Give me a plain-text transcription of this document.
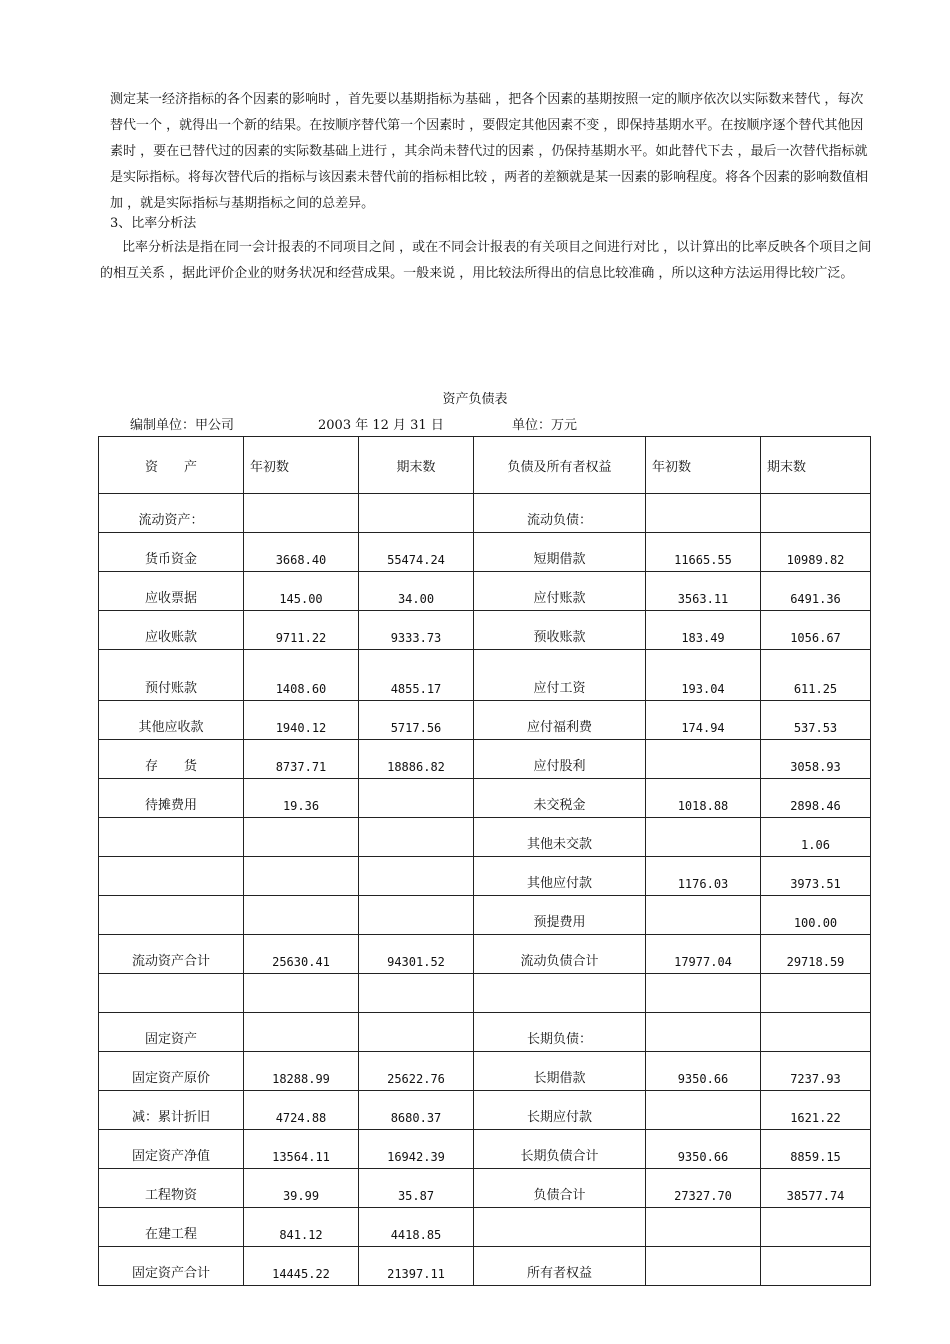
测定某一经济指标的各个因素的影响时 ，首先要以基期指标为基础 ，把各个因素的基期按照一定的顺序依次以实际数来替代 ，每次替代一个 ，就得出一个新的结果。在按顺序替代第一个因素时 ，要假定其他因素不变 ，即保持基期水平。在按顺序逐个替代其他因素时 ，要在已替代过的因素的实际数基础上进行 ，其余尚未替代过的因素 ，仍保持基期水平。如此替代下去 ，最后一次替代指标就是实际指标。将每次替代后的指标与该因素未替代前的指标相比较 ，两者的差额就是某一因素的影响程度。将各个因素的影响数值相加 ，就是实际指标与基期指标之间的总差异。

3、比率分析法

比率分析法是指在同一会计报表的不同项目之间 ，或在不同会计报表的有关项目之间进行对比 ，以计算出的比率反映各个项目之间的相互关系 ，据此评价企业的财务状况和经营成果。一般来说 ，用比较法所得出的信息比较准确 ，所以这种方法运用得比较广泛。

资产负债表
编制单位：甲公司	2003 年 12 月 31 日	单位：万元
资　　产	年初数	期末数	负债及所有者权益	年初数	期末数
流动资产：			流动负债：		
货币资金	3668.40	55474.24	短期借款	11665.55	10989.82
应收票据	145.00	34.00	应付账款	3563.11	6491.36
应收账款	9711.22	9333.73	预收账款	183.49	1056.67
预付账款	1408.60	4855.17	应付工资	193.04	611.25
其他应收款	1940.12	5717.56	应付福利费	174.94	537.53
存　　货	8737.71	18886.82	应付股利		3058.93
待摊费用	19.36		未交税金	1018.88	2898.46
			其他未交款		1.06
			其他应付款	1176.03	3973.51
			预提费用		100.00
流动资产合计	25630.41	94301.52	流动负债合计	17977.04	29718.59

固定资产			长期负债：		
固定资产原价	18288.99	25622.76	长期借款	9350.66	7237.93
减：累计折旧	4724.88	8680.37	长期应付款		1621.22
固定资产净值	13564.11	16942.39	长期负债合计	9350.66	8859.15
工程物资	39.99	35.87	负债合计	27327.70	38577.74
在建工程	841.12	4418.85			
固定资产合计	14445.22	21397.11	所有者权益		
